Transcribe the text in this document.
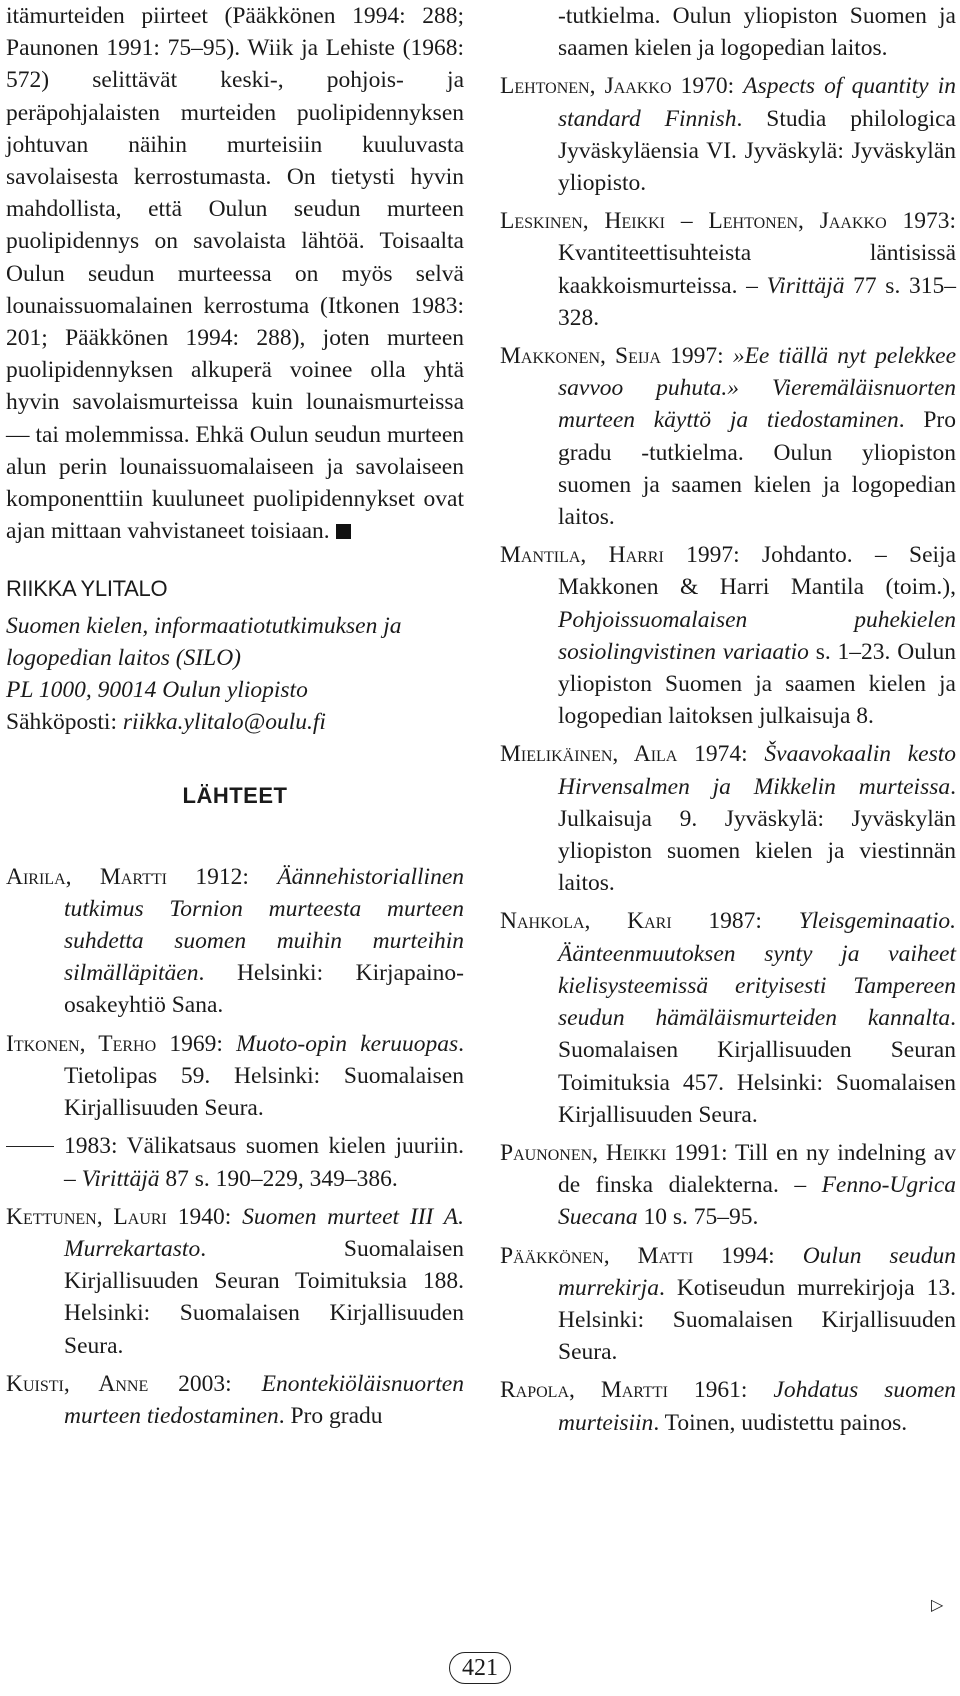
itämurteiden piirteet (Pääkkönen 1994: 288; Paunonen 1991: 75–95). Wiik ja Lehiste (1968: 572) selittävät keski-, pohjois- ja peräpohjalaisten murteiden puolipidennyksen johtuvan näihin murteisiin kuuluvasta savolaisesta kerrostumasta. On tietysti hyvin mahdollista, että Oulun seudun murteen puolipidennys on savolaista lähtöä. Toisaalta Oulun seudun murteessa on myös selvä lounaissuomalainen kerrostuma (Itkonen 1983: 201; Pääkkönen 1994: 288), joten murteen puolipidennyksen alkuperä voinee olla yhtä hyvin savolaismurteissa kuin lounaismurteissa — tai molemmissa. Ehkä Oulun seudun murteen alun perin lounaissuomalaiseen ja savolaiseen komponenttiin kuuluneet puolipidennykset ovat ajan mittaan vahvistaneet toisiaan.

RIIKKA YLITALO
Suomen kielen, informaatiotutkimuksen ja
logopedian laitos (SILO)
PL 1000, 90014 Oulun yliopisto
Sähköposti: riikka.ylitalo@oulu.fi
LÄHTEET

Airila, Martti 1912: Äännehistoriallinen tutkimus Tornion murteesta murteen suhdetta suomen muihin murteihin silmälläpitäen. Helsinki: Kirjapaino-osakeyhtiö Sana.

Itkonen, Terho 1969: Muoto-opin keruuopas. Tietolipas 59. Helsinki: Suomalaisen Kirjallisuuden Seura.

1983: Välikatsaus suomen kielen juuriin. – Virittäjä 87 s. 190–229, 349–386.

Kettunen, Lauri 1940: Suomen murteet III A. Murrekartasto. Suomalaisen Kirjallisuuden Seuran Toimituksia 188. Helsinki: Suomalaisen Kirjallisuuden Seura.

Kuisti, Anne 2003: Enontekiöläisnuorten murteen tiedostaminen. Pro gradu

-tutkielma. Oulun yliopiston Suomen ja saamen kielen ja logopedian laitos.

Lehtonen, Jaakko 1970: Aspects of quantity in standard Finnish. Studia philologica Jyväskyläensia VI. Jyväskylä: Jyväskylän yliopisto.

Leskinen, Heikki – Lehtonen, Jaakko 1973: Kvantiteettisuhteista läntisissä kaakkoismurteissa. – Virittäjä 77 s. 315–328.

Makkonen, Seija 1997: »Ee tiällä nyt pelekkee savvoo puhuta.» Vieremäläisnuorten murteen käyttö ja tiedostaminen. Pro gradu -tutkielma. Oulun yliopiston suomen ja saamen kielen ja logopedian laitos.

Mantila, Harri 1997: Johdanto. – Seija Makkonen & Harri Mantila (toim.), Pohjoissuomalaisen puhekielen sosiolingvistinen variaatio s. 1–23. Oulun yliopiston Suomen ja saamen kielen ja logopedian laitoksen julkaisuja 8.

Mielikäinen, Aila 1974: Švaavokaalin kesto Hirvensalmen ja Mikkelin murteissa. Julkaisuja 9. Jyväskylä: Jyväskylän yliopiston suomen kielen ja viestinnän laitos.

Nahkola, Kari 1987: Yleisgeminaatio. Äänteenmuutoksen synty ja vaiheet kielisysteemissä erityisesti Tampereen seudun hämäläismurteiden kannalta. Suomalaisen Kirjallisuuden Seuran Toimituksia 457. Helsinki: Suomalaisen Kirjallisuuden Seura.

Paunonen, Heikki 1991: Till en ny indelning av de finska dialekterna. – Fenno-Ugrica Suecana 10 s. 75–95.

Pääkkönen, Matti 1994: Oulun seudun murrekirja. Kotiseudun murrekirjoja 13. Helsinki: Suomalaisen Kirjallisuuden Seura.

Rapola, Martti 1961: Johdatus suomen murteisiin. Toinen, uudistettu painos.

▷
421
